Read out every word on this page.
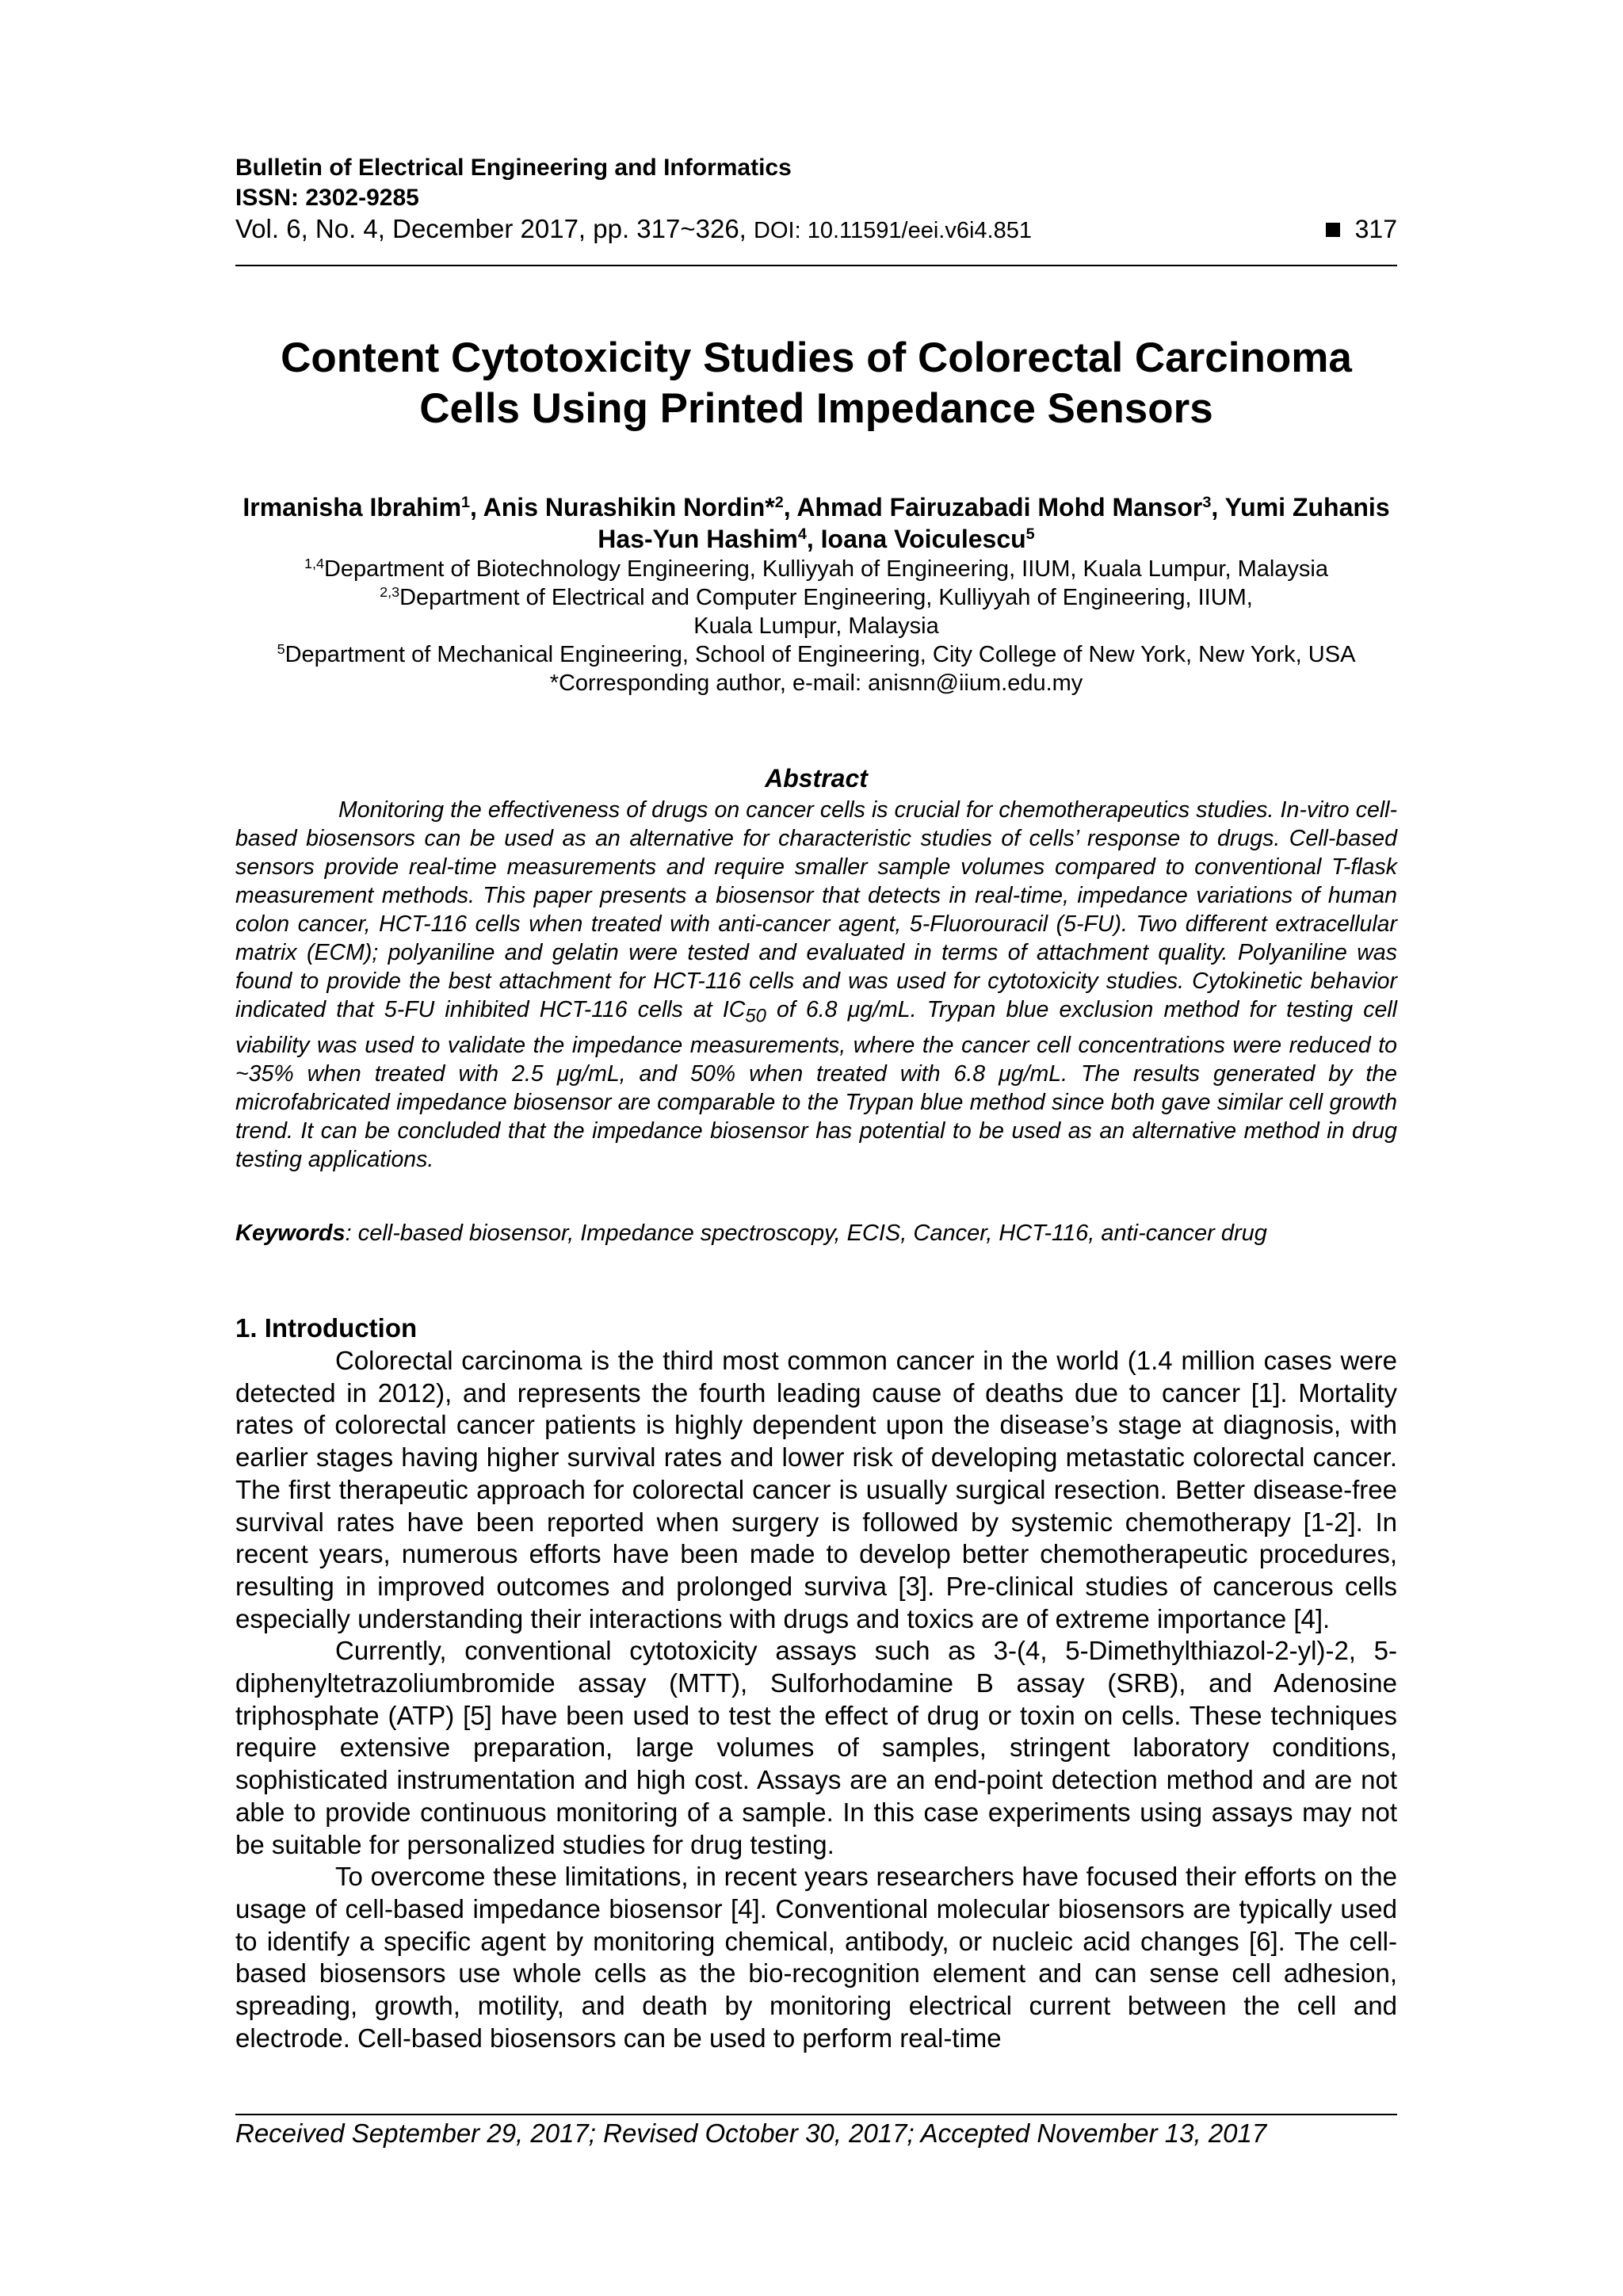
Bulletin of Electrical Engineering and Informatics
ISSN: 2302-9285
Vol. 6, No. 4, December 2017, pp. 317~326, DOI: 10.11591/eei.v6i4.851	317
Content Cytotoxicity Studies of Colorectal Carcinoma
Cells Using Printed Impedance Sensors
Irmanisha Ibrahim$^1$, Anis Nurashikin Nordin*$^2$, Ahmad Fairuzabadi Mohd Mansor$^3$, Yumi Zuhanis Has-Yun Hashim$^4$, Ioana Voiculescu$^5$
$^{1,4}$Department of Biotechnology Engineering, Kulliyyah of Engineering, IIUM, Kuala Lumpur, Malaysia
$^{2,3}$Department of Electrical and Computer Engineering, Kulliyyah of Engineering, IIUM,
Kuala Lumpur, Malaysia
$^5$Department of Mechanical Engineering, School of Engineering, City College of New York, New York, USA
*Corresponding author, e-mail: anisnn@iium.edu.my
Abstract
Monitoring the effectiveness of drugs on cancer cells is crucial for chemotherapeutics studies. In-vitro cell-based biosensors can be used as an alternative for characteristic studies of cells’ response to drugs. Cell-based sensors provide real-time measurements and require smaller sample volumes compared to conventional T-flask measurement methods. This paper presents a biosensor that detects in real-time, impedance variations of human colon cancer, HCT-116 cells when treated with anti-cancer agent, 5-Fluorouracil (5-FU). Two different extracellular matrix (ECM); polyaniline and gelatin were tested and evaluated in terms of attachment quality. Polyaniline was found to provide the best attachment for HCT-116 cells and was used for cytotoxicity studies. Cytokinetic behavior indicated that 5-FU inhibited HCT-116 cells at $IC_{50}$ of 6.8 μg/mL. Trypan blue exclusion method for testing cell viability was used to validate the impedance measurements, where the cancer cell concentrations were reduced to ~35% when treated with 2.5 μg/mL, and 50% when treated with 6.8 μg/mL. The results generated by the microfabricated impedance biosensor are comparable to the Trypan blue method since both gave similar cell growth trend. It can be concluded that the impedance biosensor has potential to be used as an alternative method in drug testing applications.
Keywords: cell-based biosensor, Impedance spectroscopy, ECIS, Cancer, HCT-116, anti-cancer drug
1. Introduction

Colorectal carcinoma is the third most common cancer in the world (1.4 million cases were detected in 2012), and represents the fourth leading cause of deaths due to cancer [1]. Mortality rates of colorectal cancer patients is highly dependent upon the disease’s stage at diagnosis, with earlier stages having higher survival rates and lower risk of developing metastatic colorectal cancer. The first therapeutic approach for colorectal cancer is usually surgical resection. Better disease-free survival rates have been reported when surgery is followed by systemic chemotherapy [1-2]. In recent years, numerous efforts have been made to develop better chemotherapeutic procedures, resulting in improved outcomes and prolonged surviva [3]. Pre-clinical studies of cancerous cells especially understanding their interactions with drugs and toxics are of extreme importance [4].

Currently, conventional cytotoxicity assays such as 3-(4, 5-Dimethylthiazol-2-yl)-2, 5-diphenyltetrazoliumbromide assay (MTT), Sulforhodamine B assay (SRB), and Adenosine triphosphate (ATP) [5] have been used to test the effect of drug or toxin on cells. These techniques require extensive preparation, large volumes of samples, stringent laboratory conditions, sophisticated instrumentation and high cost. Assays are an end-point detection method and are not able to provide continuous monitoring of a sample. In this case experiments using assays may not be suitable for personalized studies for drug testing.

To overcome these limitations, in recent years researchers have focused their efforts on the usage of cell-based impedance biosensor [4]. Conventional molecular biosensors are typically used to identify a specific agent by monitoring chemical, antibody, or nucleic acid changes [6]. The cell-based biosensors use whole cells as the bio-recognition element and can sense cell adhesion, spreading, growth, motility, and death by monitoring electrical current between the cell and electrode. Cell-based biosensors can be used to perform real-time

Received September 29, 2017; Revised October 30, 2017; Accepted November 13, 2017
